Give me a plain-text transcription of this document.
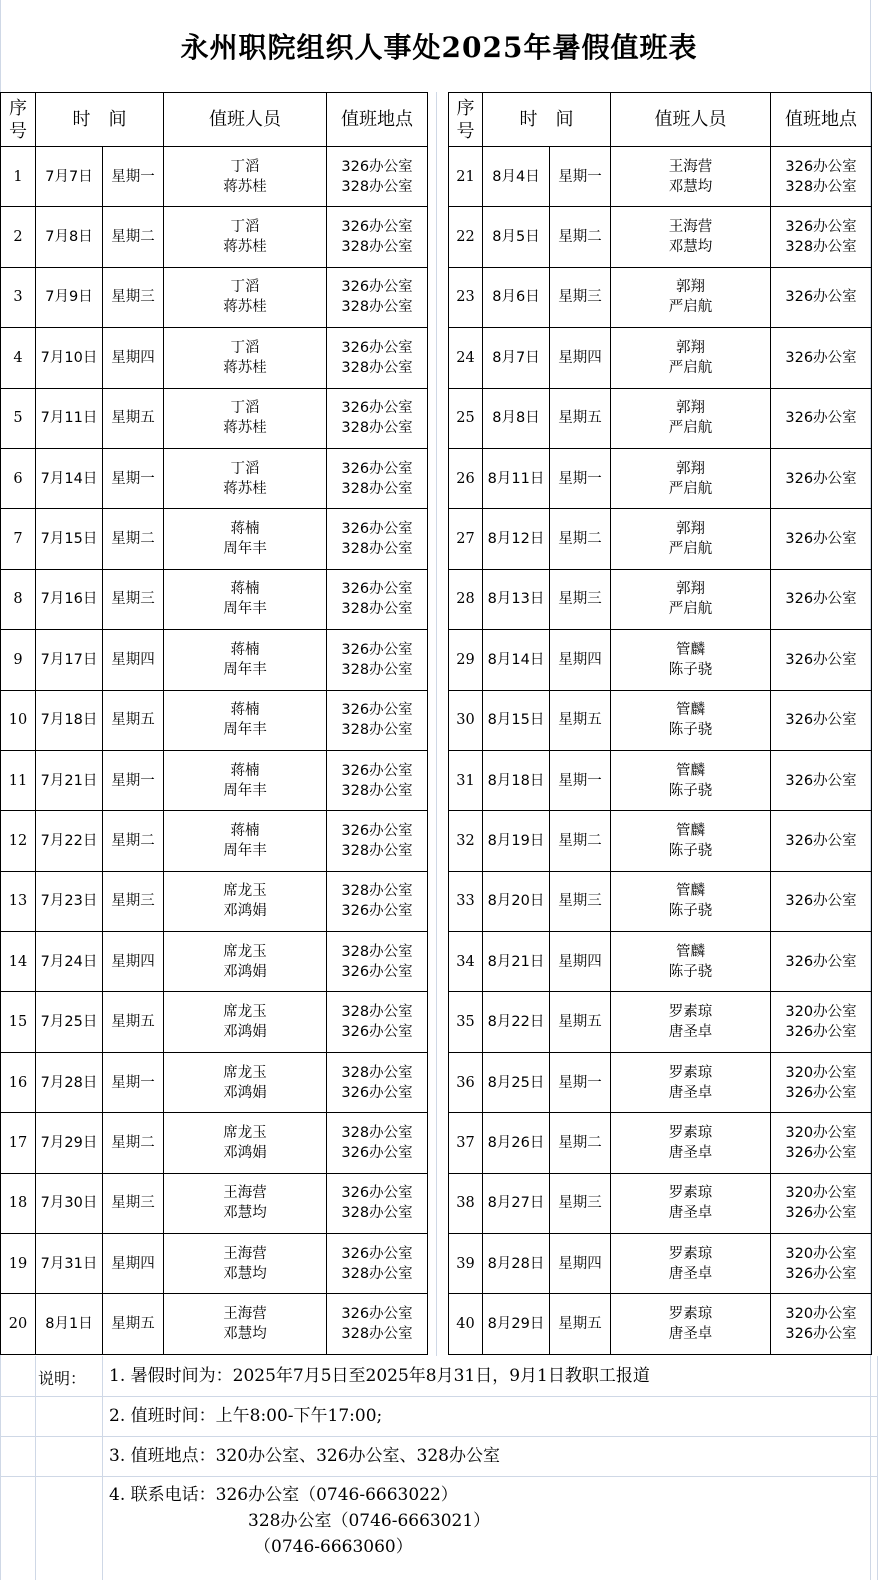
永州职院组织人事处2025年暑假值班表
序
号	时　间		值班人员	值班地点
1	7月7日	星期一	丁滔
蒋苏桂	326办公室
328办公室

2	7月8日	星期二	丁滔
蒋苏桂	326办公室
328办公室

3	7月9日	星期三	丁滔
蒋苏桂	326办公室
328办公室

4	7月10日	星期四	丁滔
蒋苏桂	326办公室
328办公室

5	7月11日	星期五	丁滔
蒋苏桂	326办公室
328办公室

6	7月14日	星期一	丁滔
蒋苏桂	326办公室
328办公室

7	7月15日	星期二	蒋楠
周年丰	326办公室
328办公室

8	7月16日	星期三	蒋楠
周年丰	326办公室
328办公室

9	7月17日	星期四	蒋楠
周年丰	326办公室
328办公室

10	7月18日	星期五	蒋楠
周年丰	326办公室
328办公室

11	7月21日	星期一	蒋楠
周年丰	326办公室
328办公室

12	7月22日	星期二	蒋楠
周年丰	326办公室
328办公室

13	7月23日	星期三	席龙玉
邓鸿娟	328办公室
326办公室

14	7月24日	星期四	席龙玉
邓鸿娟	328办公室
326办公室

15	7月25日	星期五	席龙玉
邓鸿娟	328办公室
326办公室

16	7月28日	星期一	席龙玉
邓鸿娟	328办公室
326办公室

17	7月29日	星期二	席龙玉
邓鸿娟	328办公室
326办公室

18	7月30日	星期三	王海营
邓慧均	326办公室
328办公室

19	7月31日	星期四	王海营
邓慧均	326办公室
328办公室

20	8月1日	星期五	王海营
邓慧均	326办公室
328办公室
序
号	时　间		值班人员	值班地点
21	8月4日	星期一	王海营
邓慧均	326办公室
328办公室

22	8月5日	星期二	王海营
邓慧均	326办公室
328办公室

23	8月6日	星期三	郭翔
严启航	326办公室

24	8月7日	星期四	郭翔
严启航	326办公室

25	8月8日	星期五	郭翔
严启航	326办公室

26	8月11日	星期一	郭翔
严启航	326办公室

27	8月12日	星期二	郭翔
严启航	326办公室

28	8月13日	星期三	郭翔
严启航	326办公室

29	8月14日	星期四	管麟
陈子骁	326办公室

30	8月15日	星期五	管麟
陈子骁	326办公室

31	8月18日	星期一	管麟
陈子骁	326办公室

32	8月19日	星期二	管麟
陈子骁	326办公室

33	8月20日	星期三	管麟
陈子骁	326办公室

34	8月21日	星期四	管麟
陈子骁	326办公室

35	8月22日	星期五	罗素琼
唐圣卓	320办公室
326办公室

36	8月25日	星期一	罗素琼
唐圣卓	320办公室
326办公室

37	8月26日	星期二	罗素琼
唐圣卓	320办公室
326办公室

38	8月27日	星期三	罗素琼
唐圣卓	320办公室
326办公室

39	8月28日	星期四	罗素琼
唐圣卓	320办公室
326办公室

40	8月29日	星期五	罗素琼
唐圣卓	320办公室
326办公室
1. 暑假时间为：2025年7月5日至2025年8月31日，9月1日教职工报道
说明：
2. 值班时间：上午8:00-下午17:00;
3. 值班地点：320办公室、326办公室、328办公室
4. 联系电话：326办公室（0746-6663022）
328办公室（0746-6663021）
（0746-6663060）
